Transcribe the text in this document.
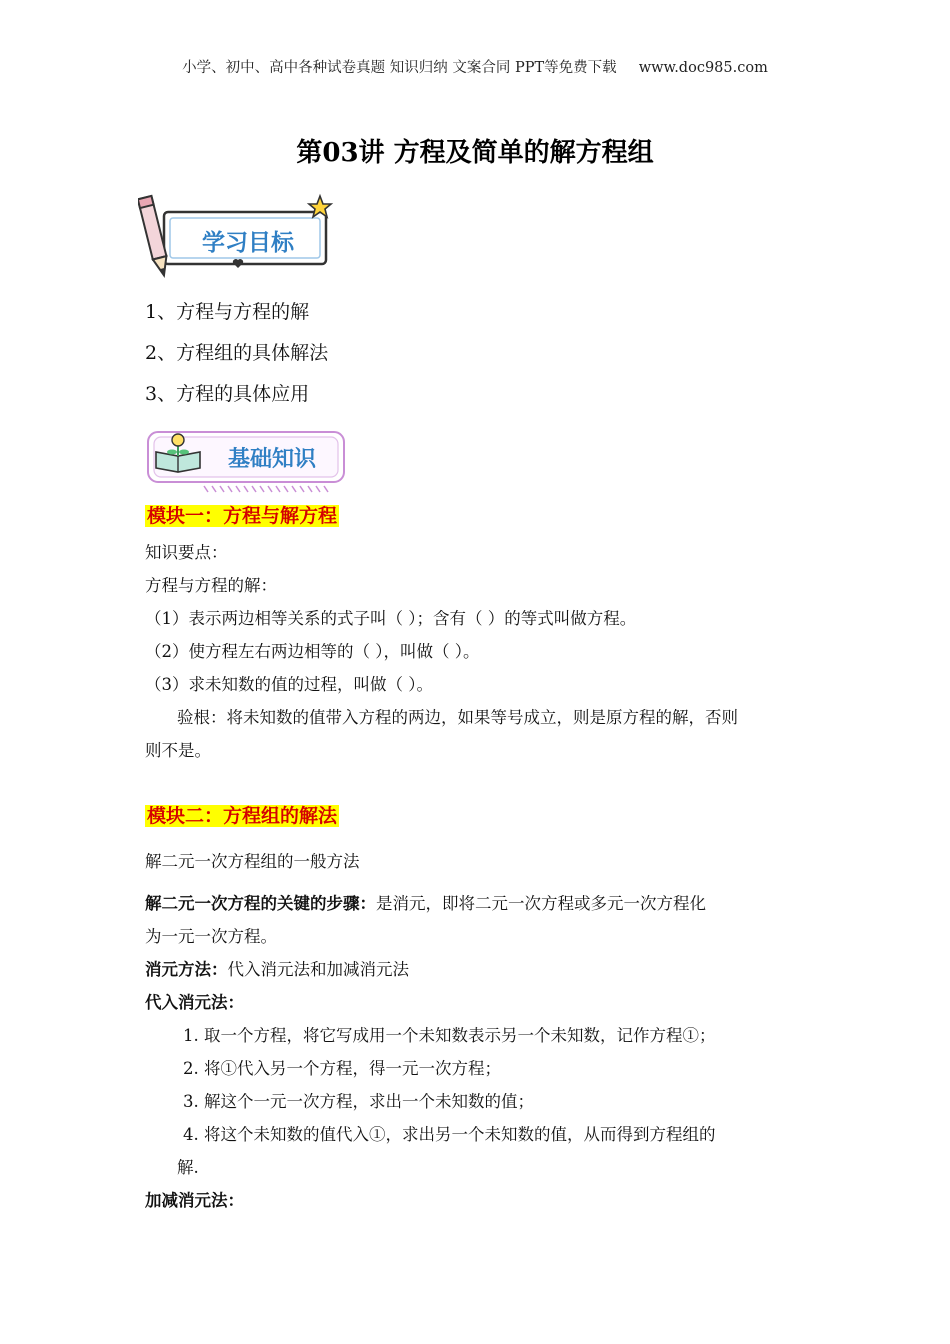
小学、初中、高中各种试卷真题 知识归纳 文案合同 PPT等免费下载 www.doc985.com
第03讲 方程及简单的解方程组
学习目标
1、方程与方程的解
2、方程组的具体解法
3、方程的具体应用
基础知识
模块一：方程与解方程
知识要点：
方程与方程的解：
（1）表示两边相等关系的式子叫（ ）；含有（ ）的等式叫做方程。
（2）使方程左右两边相等的（ ），叫做（ ）。
（3）求未知数的值的过程，叫做（ ）。
验根：将未知数的值带入方程的两边，如果等号成立，则是原方程的解，否则
则不是。
模块二：方程组的解法
解二元一次方程组的一般方法
解二元一次方程的关键的步骤：是消元，即将二元一次方程或多元一次方程化
为一元一次方程。
消元方法：代入消元法和加减消元法
代入消元法：
1. 取一个方程，将它写成用一个未知数表示另一个未知数，记作方程①；
2. 将①代入另一个方程，得一元一次方程；
3. 解这个一元一次方程，求出一个未知数的值；
4. 将这个未知数的值代入①，求出另一个未知数的值，从而得到方程组的
解.
加减消元法：
